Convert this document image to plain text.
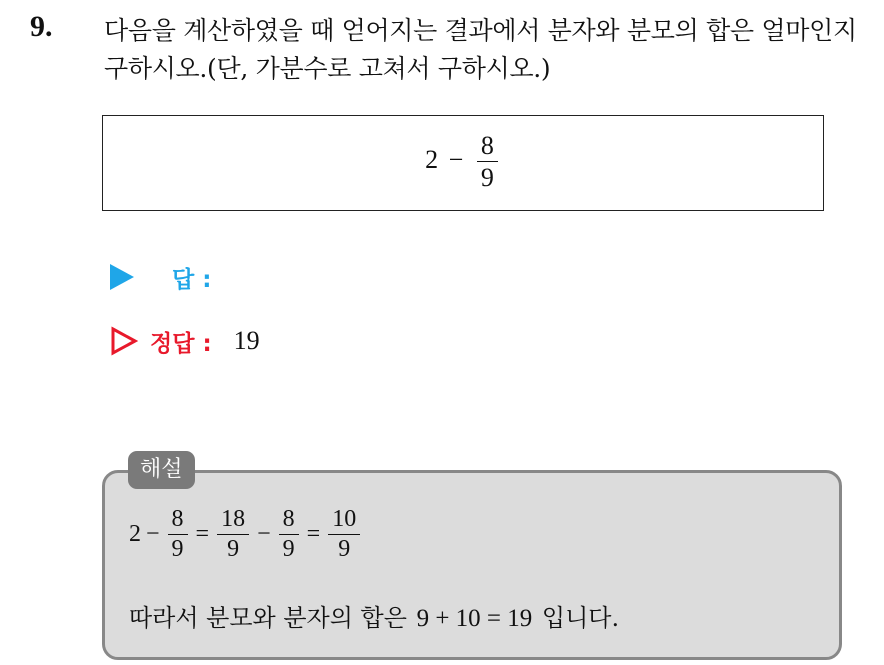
9. 다음을 계산하였을 때 얻어지는 결과에서 분자와 분모의 합은 얼마인지 구하시오.(단, 가분수로 고쳐서 구하시오.)
$2 - \frac{8}{9}$
답 :
정답 : 19
$2 - \frac{8}{9} = \frac{18}{9} - \frac{8}{9} = \frac{10}{9}$
따라서 분모와 분자의 합은 9 + 10 = 19 입니다.
해설
